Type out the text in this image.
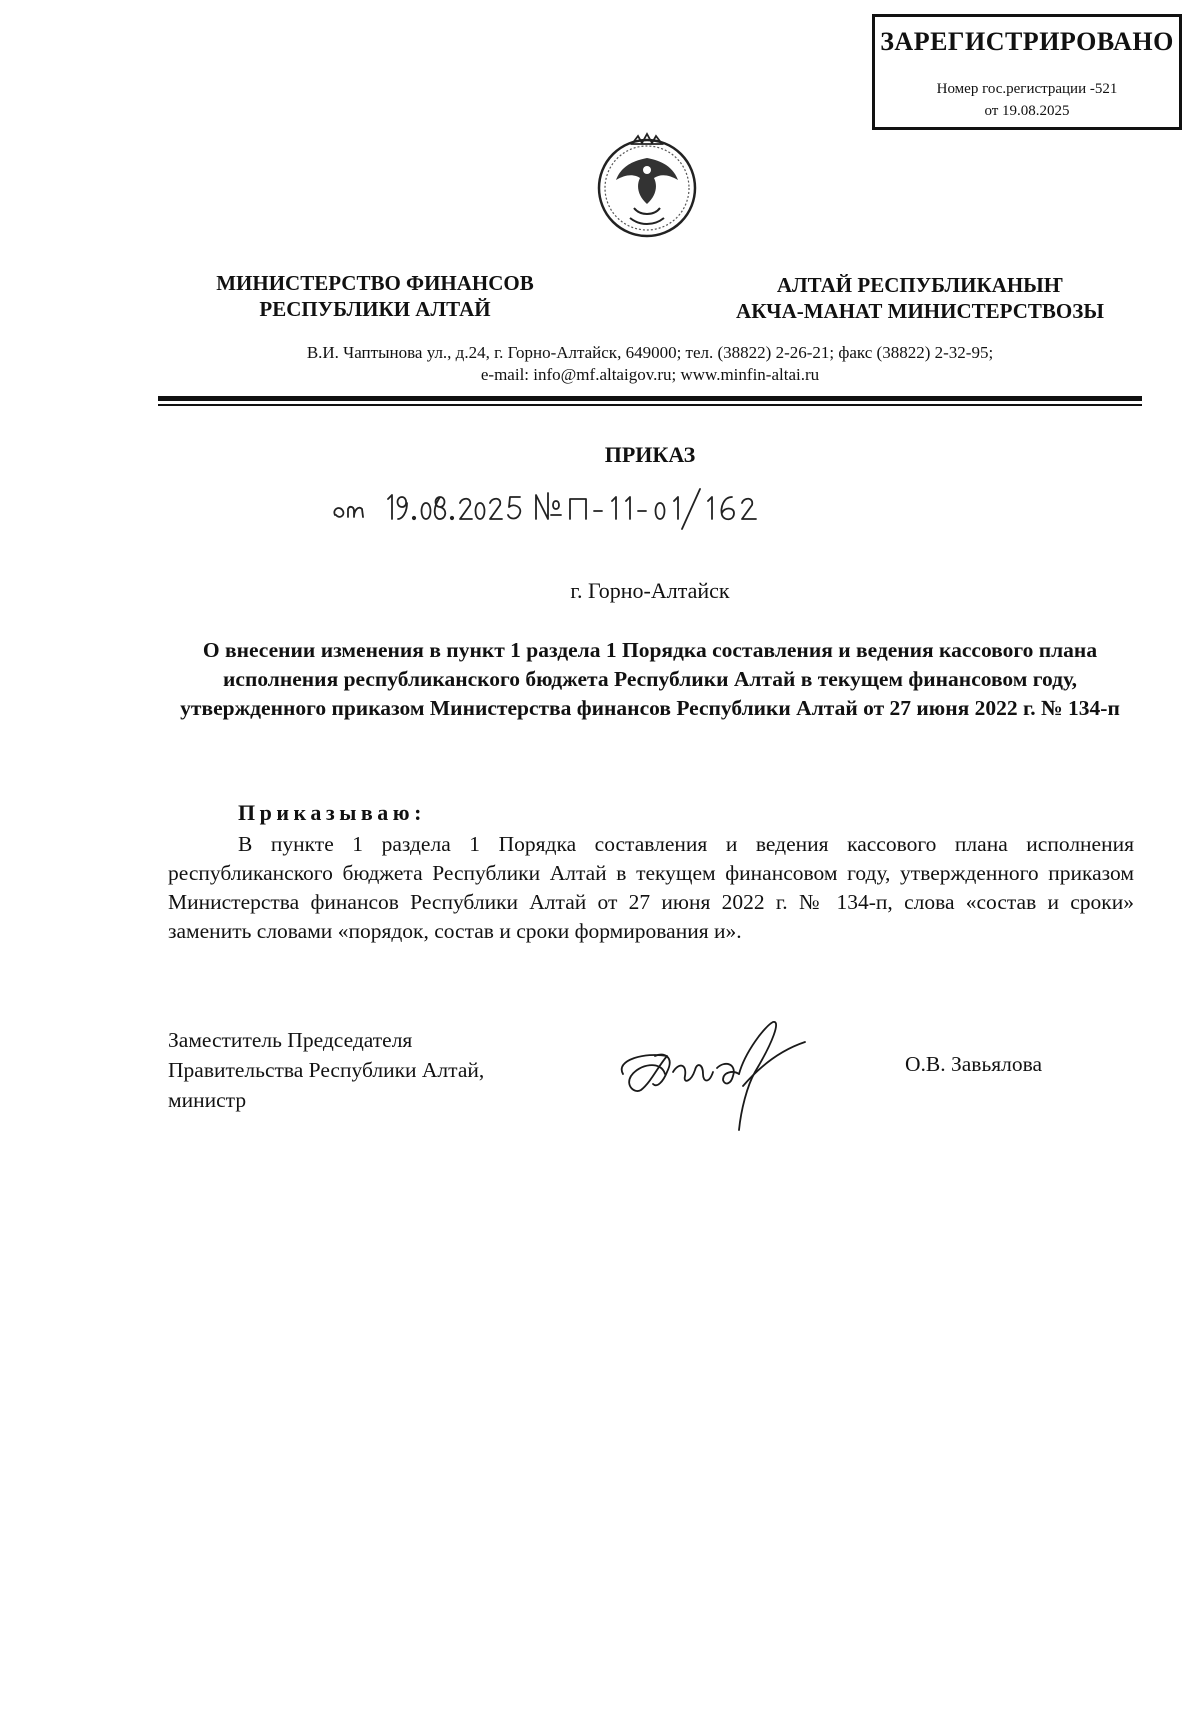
ЗАРЕГИСТРИРОВАНО
Номер гос.регистрации -521
от 19.08.2025
МИНИСТЕРСТВО ФИНАНСОВ
РЕСПУБЛИКИ АЛТАЙ
АЛТАЙ РЕСПУБЛИКАНЫҤ
АКЧА-МАНАТ МИНИСТЕРСТВОЗЫ
В.И. Чаптынова ул., д.24, г. Горно-Алтайск, 649000; тел. (38822) 2-26-21; факс (38822) 2-32-95;
e-mail: info@mf.altaigov.ru; www.minfin-altai.ru
ПРИКАЗ
г. Горно-Алтайск
О внесении изменения в пункт 1 раздела 1 Порядка составления и ведения кассового плана исполнения республиканского бюджета Республики Алтай в текущем финансовом году, утвержденного приказом Министерства финансов Республики Алтай от 27 июня 2022 г. № 134-п
Приказываю:
В пункте 1 раздела 1 Порядка составления и ведения кассового плана исполнения республиканского бюджета Республики Алтай в текущем финансовом году, утвержденного приказом Министерства финансов Республики Алтай от 27 июня 2022 г. № 134-п, слова «состав и сроки» заменить словами «порядок, состав и сроки формирования и».
Заместитель Председателя
Правительства Республики Алтай,
министр
О.В. Завьялова
